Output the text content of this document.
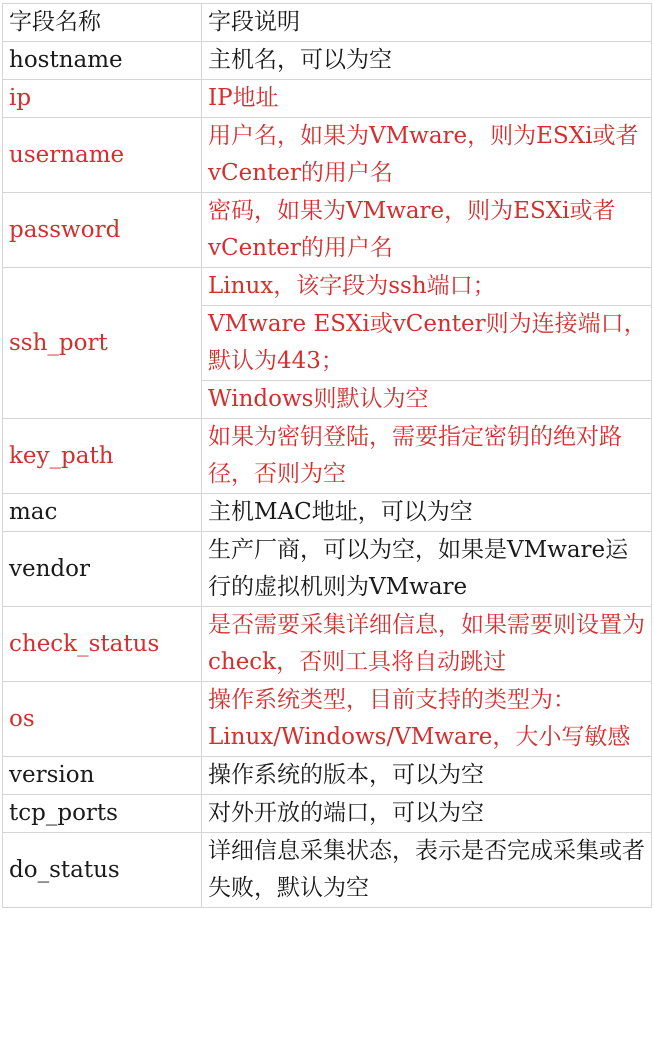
字段名称	字段说明
hostname	主机名，可以为空
ip	IP地址
username	用户名，如果为VMware，则为ESXi或者vCenter的用户名
password	密码，如果为VMware，则为ESXi或者vCenter的用户名
ssh_port	Linux，该字段为ssh端口；
	VMware ESXi或vCenter则为连接端口，默认为443；
	Windows则默认为空
key_path	如果为密钥登陆，需要指定密钥的绝对路径，否则为空
mac	主机MAC地址，可以为空
vendor	生产厂商，可以为空，如果是VMware运行的虚拟机则为VMware
check_status	是否需要采集详细信息，如果需要则设置为check，否则工具将自动跳过
os	操作系统类型，目前支持的类型为：Linux/Windows/VMware，大小写敏感
version	操作系统的版本，可以为空
tcp_ports	对外开放的端口，可以为空
do_status	详细信息采集状态，表示是否完成采集或者失败，默认为空
